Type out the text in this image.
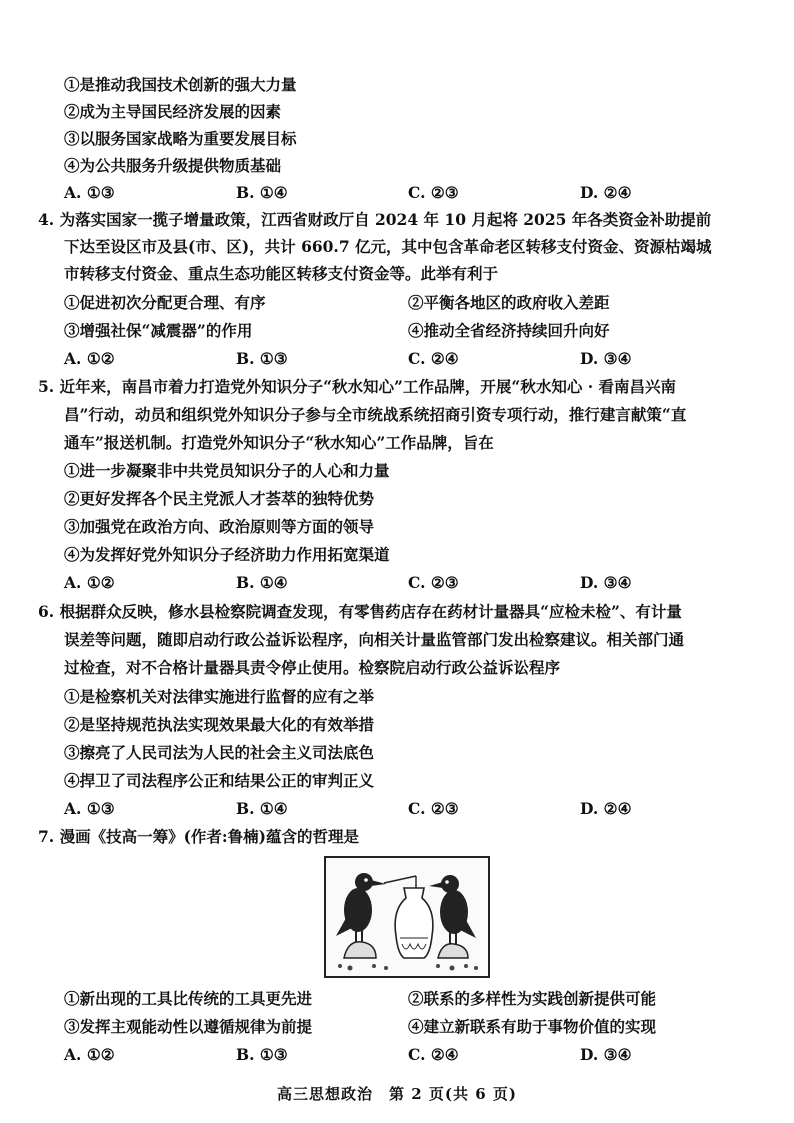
①是推动我国技术创新的强大力量
②成为主导国民经济发展的因素
③以服务国家战略为重要发展目标
④为公共服务升级提供物质基础
A. ①③	B. ①④	C. ②③	D. ②④
4. 为落实国家一揽子增量政策，江西省财政厅自 2024 年 10 月起将 2025 年各类资金补助提前
下达至设区市及县(市、区)，共计 660.7 亿元，其中包含革命老区转移支付资金、资源枯竭城
市转移支付资金、重点生态功能区转移支付资金等。此举有利于
①促进初次分配更合理、有序	②平衡各地区的政府收入差距
③增强社保“减震器”的作用	④推动全省经济持续回升向好
A. ①②	B. ①③	C. ②④	D. ③④
5. 近年来，南昌市着力打造党外知识分子“秋水知心”工作品牌，开展“秋水知心 · 看南昌兴南
昌”行动，动员和组织党外知识分子参与全市统战系统招商引资专项行动，推行建言献策“直
通车”报送机制。打造党外知识分子“秋水知心”工作品牌，旨在
①进一步凝聚非中共党员知识分子的人心和力量
②更好发挥各个民主党派人才荟萃的独特优势
③加强党在政治方向、政治原则等方面的领导
④为发挥好党外知识分子经济助力作用拓宽渠道
A. ①②	B. ①④	C. ②③	D. ③④
6. 根据群众反映，修水县检察院调查发现，有零售药店存在药材计量器具“应检未检”、有计量
误差等问题，随即启动行政公益诉讼程序，向相关计量监管部门发出检察建议。相关部门通
过检查，对不合格计量器具责令停止使用。检察院启动行政公益诉讼程序
①是检察机关对法律实施进行监督的应有之举
②是坚持规范执法实现效果最大化的有效举措
③擦亮了人民司法为人民的社会主义司法底色
④捍卫了司法程序公正和结果公正的审判正义
A. ①③	B. ①④	C. ②③	D. ②④
7. 漫画《技高一筹》(作者:鲁楠)蕴含的哲理是
①新出现的工具比传统的工具更先进	②联系的多样性为实践创新提供可能
③发挥主观能动性以遵循规律为前提	④建立新联系有助于事物价值的实现
A. ①②	B. ①③	C. ②④	D. ③④
高三思想政治　第 2 页(共 6 页)
